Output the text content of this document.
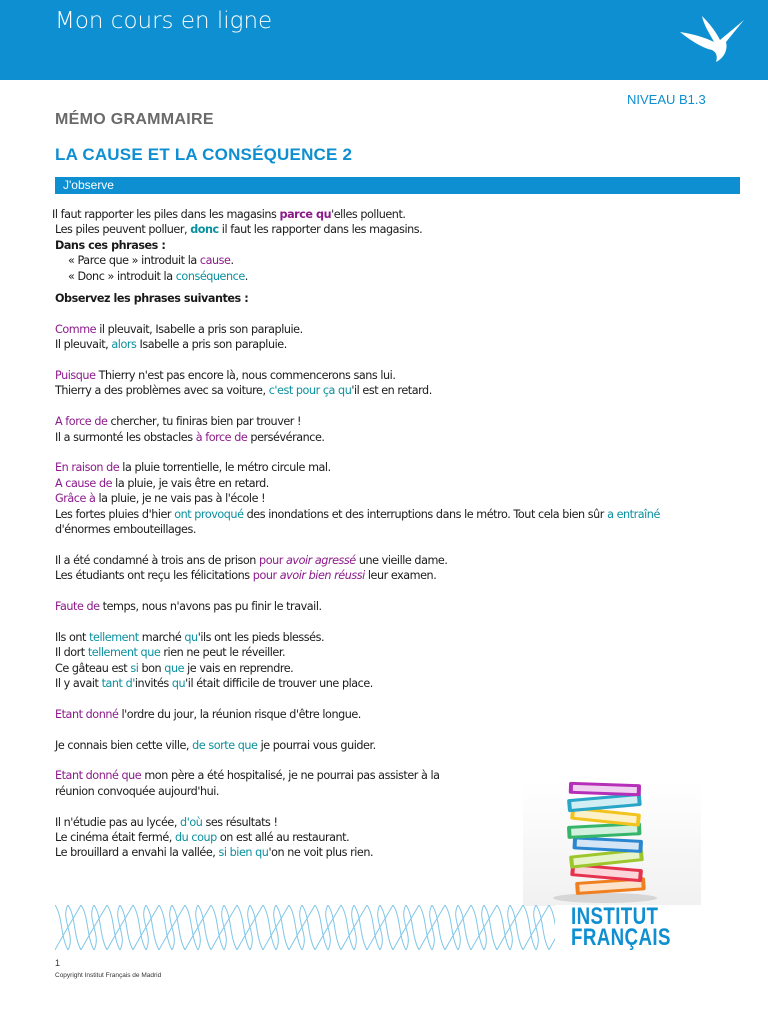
Mon cours en ligne
NIVEAU B1.3
MÉMO GRAMMAIRE
LA CAUSE ET LA CONSÉQUENCE 2
J'observe

Il faut rapporter les piles dans les magasins parce qu'elles polluent.

Les piles peuvent polluer, donc il faut les rapporter dans les magasins.

Dans ces phrases :

« Parce que » introduit la cause.

« Donc » introduit la conséquence.

Observez les phrases suivantes :

Comme il pleuvait, Isabelle a pris son parapluie.

Il pleuvait, alors Isabelle a pris son parapluie.

Puisque Thierry n'est pas encore là, nous commencerons sans lui.

Thierry a des problèmes avec sa voiture, c'est pour ça qu'il est en retard.

A force de chercher, tu finiras bien par trouver !

Il a surmonté les obstacles à force de persévérance.

En raison de la pluie torrentielle, le métro circule mal.

A cause de la pluie, je vais être en retard.

Grâce à la pluie, je ne vais pas à l'école !

Les fortes pluies d'hier ont provoqué des inondations et des interruptions dans le métro. Tout cela bien sûr a entraîné

d'énormes embouteillages.

Il a été condamné à trois ans de prison pour avoir agressé une vieille dame.

Les étudiants ont reçu les félicitations pour avoir bien réussi leur examen.

Faute de temps, nous n'avons pas pu finir le travail.

Ils ont tellement marché qu'ils ont les pieds blessés.

Il dort tellement que rien ne peut le réveiller.

Ce gâteau est si bon que je vais en reprendre.

Il y avait tant d'invités qu'il était difficile de trouver une place.

Etant donné l'ordre du jour, la réunion risque d'être longue.

Je connais bien cette ville, de sorte que je pourrai vous guider.

Etant donné que mon père a été hospitalisé, je ne pourrai pas assister à la

réunion convoquée aujourd'hui.

Il n'étudie pas au lycée, d'où ses résultats !

Le cinéma était fermé, du coup on est allé au restaurant.

Le brouillard a envahi la vallée, si bien qu'on ne voit plus rien.

INSTITUT
FRANÇAIS
1
Copyright Institut Français de Madrid
